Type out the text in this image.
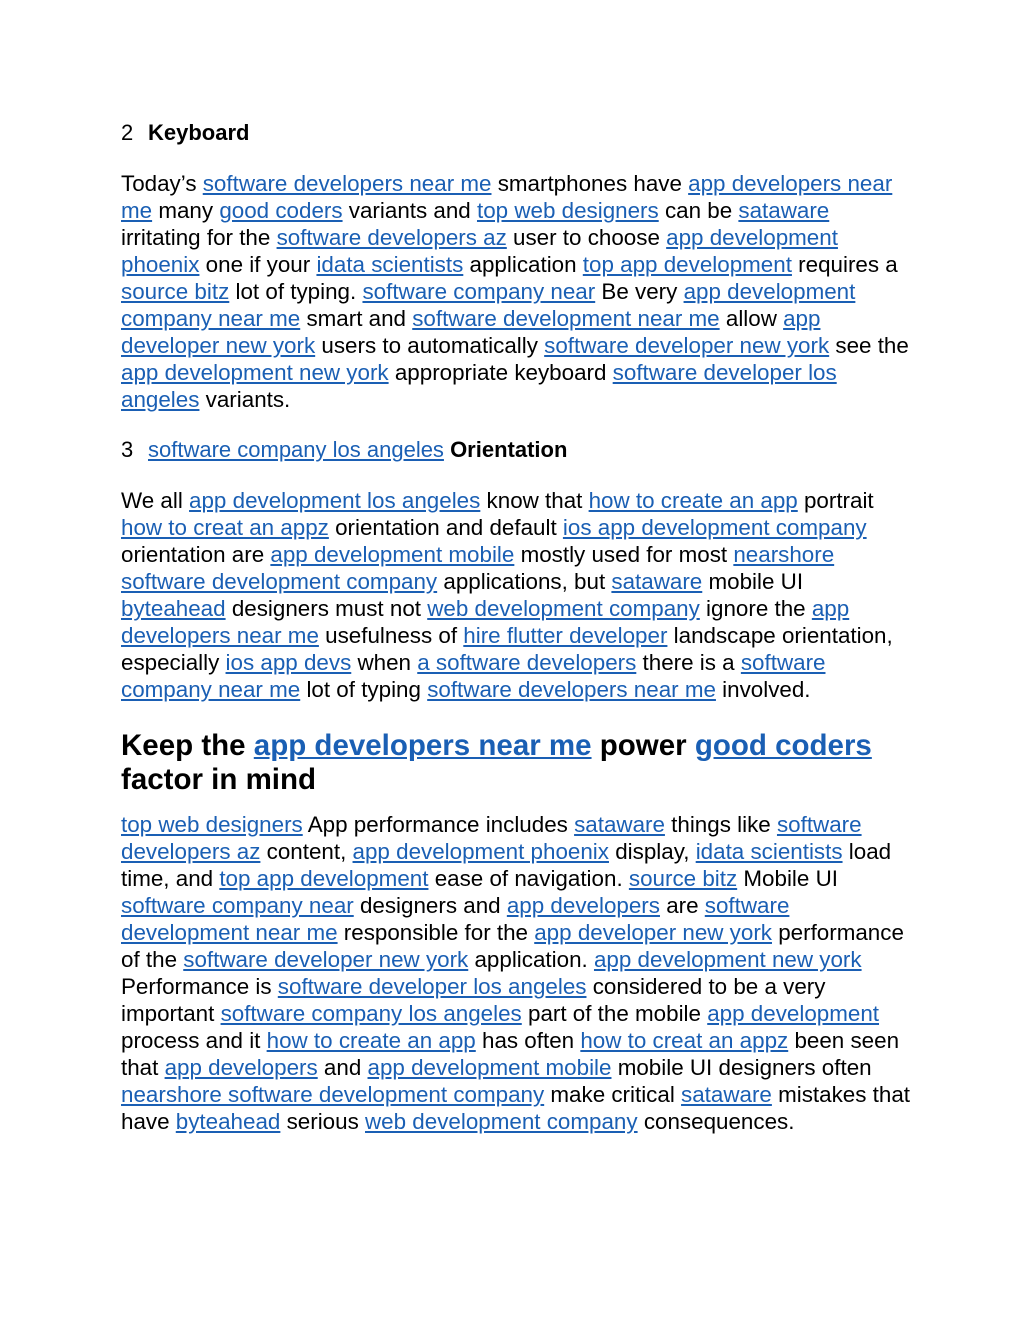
2 Keyboard

Today’s software developers near me smartphones have app developers near me many good coders variants and top web designers can be sataware irritating for the software developers az user to choose app development phoenix one if your idata scientists application top app development requires a source bitz lot of typing. software company near Be very app development company near me smart and software development near me allow app developer new york users to automatically software developer new york see the app development new york appropriate keyboard software developer los angeles variants.

3 software company los angeles Orientation

We all app development los angeles know that how to create an app portrait how to creat an appz orientation and default ios app development company orientation are app development mobile mostly used for most nearshore software development company applications, but sataware mobile UI byteahead designers must not web development company ignore the app developers near me usefulness of hire flutter developer landscape orientation, especially ios app devs when a software developers there is a software company near me lot of typing software developers near me involved.

Keep the app developers near me power good coders factor in mind

top web designers App performance includes sataware things like software developers az content, app development phoenix display, idata scientists load time, and top app development ease of navigation. source bitz Mobile UI software company near designers and app developers are software development near me responsible for the app developer new york performance of the software developer new york application. app development new york Performance is software developer los angeles considered to be a very important software company los angeles part of the mobile app development process and it how to create an app has often how to creat an appz been seen that app developers and app development mobile mobile UI designers often nearshore software development company make critical sataware mistakes that have byteahead serious web development company consequences.
